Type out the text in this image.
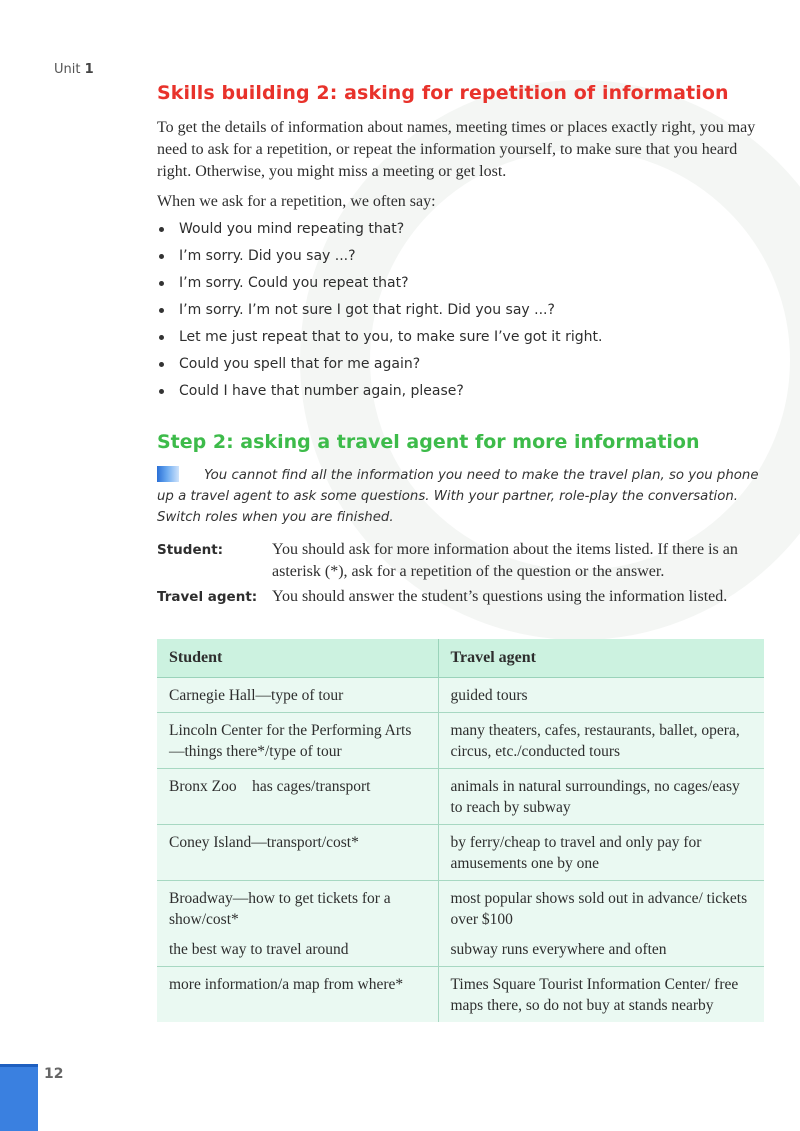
Unit 1
Skills building 2: asking for repetition of information

To get the details of information about names, meeting times or places exactly right, you may need to ask for a repetition, or repeat the information yourself, to make sure that you heard right. Otherwise, you might miss a meeting or get lost.

When we ask for a repetition, we often say:

Would you mind repeating that?
I’m sorry. Did you say ...?
I’m sorry. Could you repeat that?
I’m sorry. I’m not sure I got that right. Did you say ...?
Let me just repeat that to you, to make sure I’ve got it right.
Could you spell that for me again?
Could I have that number again, please?
Step 2: asking a travel agent for more information

You cannot find all the information you need to make the travel plan, so you phone up a travel agent to ask some questions. With your partner, role-play the conversation. Switch roles when you are finished.

Student:	You should ask for more information about the items listed. If there is an asterisk (*), ask for a repetition of the question or the answer.
Travel agent: You should answer the student’s questions using the information listed.
Student	Travel agent
Carnegie Hall—type of tour	guided tours
Lincoln Center for the Performing Arts—things there*/type of tour	many theaters, cafes, restaurants, ballet, opera, circus, etc./conducted tours
Bronx Zoo    has cages/transport	animals in natural surroundings, no cages/easy to reach by subway
Coney Island—transport/cost*	by ferry/cheap to travel and only pay for amusements one by one
Broadway—how to get tickets for a show/cost*	most popular shows sold out in advance/ tickets over $100
the best way to travel around	subway runs everywhere and often
more information/a map from where*	Times Square Tourist Information Center/ free maps there, so do not buy at stands nearby
12
